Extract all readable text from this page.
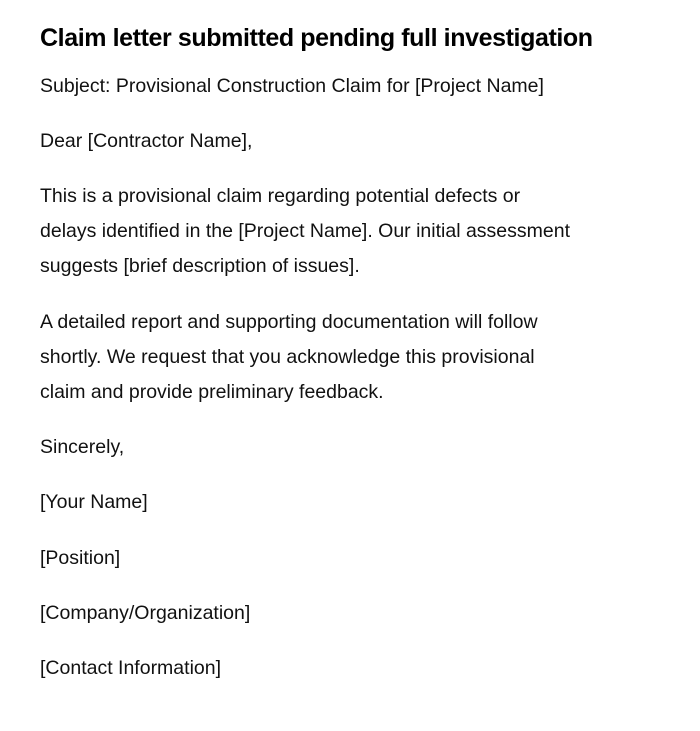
Claim letter submitted pending full investigation

Subject: Provisional Construction Claim for [Project Name]

Dear [Contractor Name],

This is a provisional claim regarding potential defects or
delays identified in the [Project Name]. Our initial assessment
suggests [brief description of issues].

A detailed report and supporting documentation will follow
shortly. We request that you acknowledge this provisional
claim and provide preliminary feedback.

Sincerely,

[Your Name]

[Position]

[Company/Organization]

[Contact Information]
